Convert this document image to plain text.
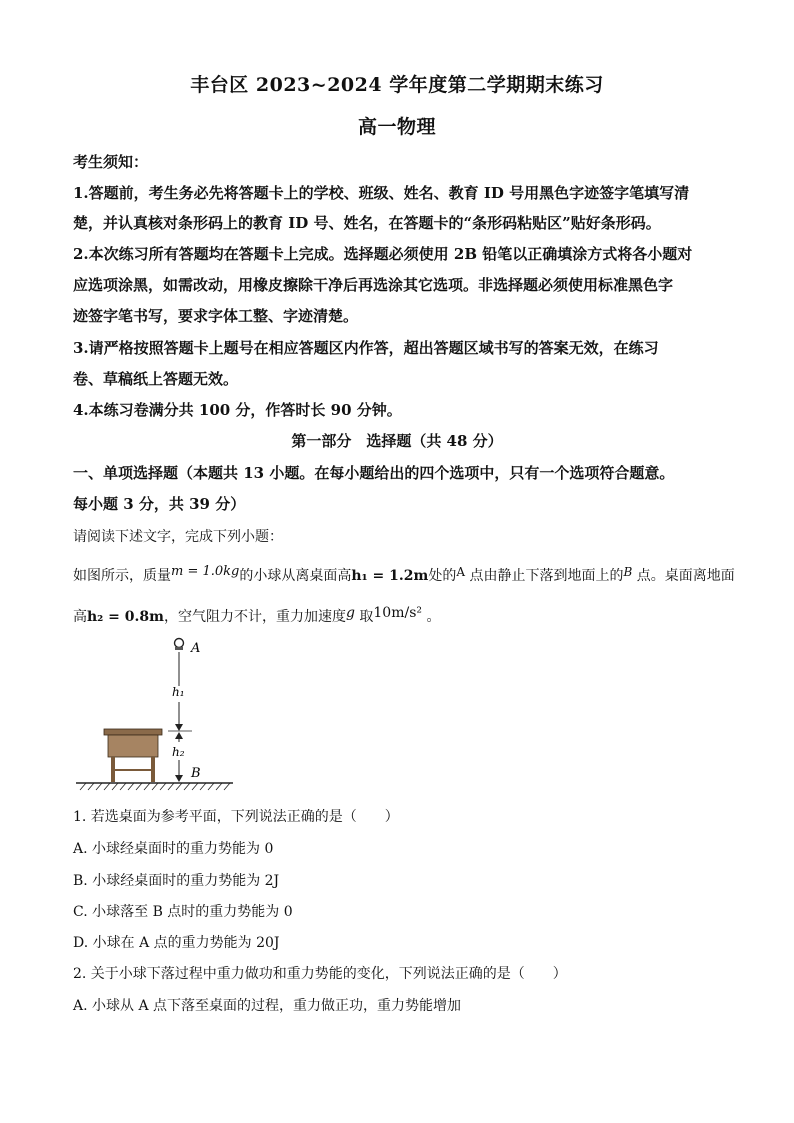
丰台区 2023~2024 学年度第二学期期末练习
高一物理
考生须知：
1.答题前，考生务必先将答题卡上的学校、班级、姓名、教育 ID 号用黑色字迹签字笔填写清
楚，并认真核对条形码上的教育 ID 号、姓名，在答题卡的“条形码粘贴区”贴好条形码。
2.本次练习所有答题均在答题卡上完成。选择题必须使用 2B 铅笔以正确填涂方式将各小题对
应选项涂黑，如需改动，用橡皮擦除干净后再选涂其它选项。非选择题必须使用标准黑色字
迹签字笔书写，要求字体工整、字迹清楚。
3.请严格按照答题卡上题号在相应答题区内作答，超出答题区域书写的答案无效，在练习
卷、草稿纸上答题无效。
4.本练习卷满分共 100 分，作答时长 90 分钟。
第一部分　选择题（共 48 分）
一、单项选择题（本题共 13 小题。在每小题给出的四个选项中，只有一个选项符合题意。
每小题 3 分，共 39 分）
请阅读下述文字，完成下列小题：
如图所示，质量m = 1.0kg的小球从离桌面高h₁ = 1.2m处的A 点由静止下落到地面上的B 点。桌面离地面
高h₂ = 0.8m，空气阻力不计，重力加速度g 取10m/s² 。
A
h₁
h₂
B
1. 若选桌面为参考平面，下列说法正确的是（　　）
A. 小球经桌面时的重力势能为 0
B. 小球经桌面时的重力势能为 2J
C. 小球落至 B 点时的重力势能为 0
D. 小球在 A 点的重力势能为 20J
2. 关于小球下落过程中重力做功和重力势能的变化，下列说法正确的是（　　）
A. 小球从 A 点下落至桌面的过程，重力做正功，重力势能增加
